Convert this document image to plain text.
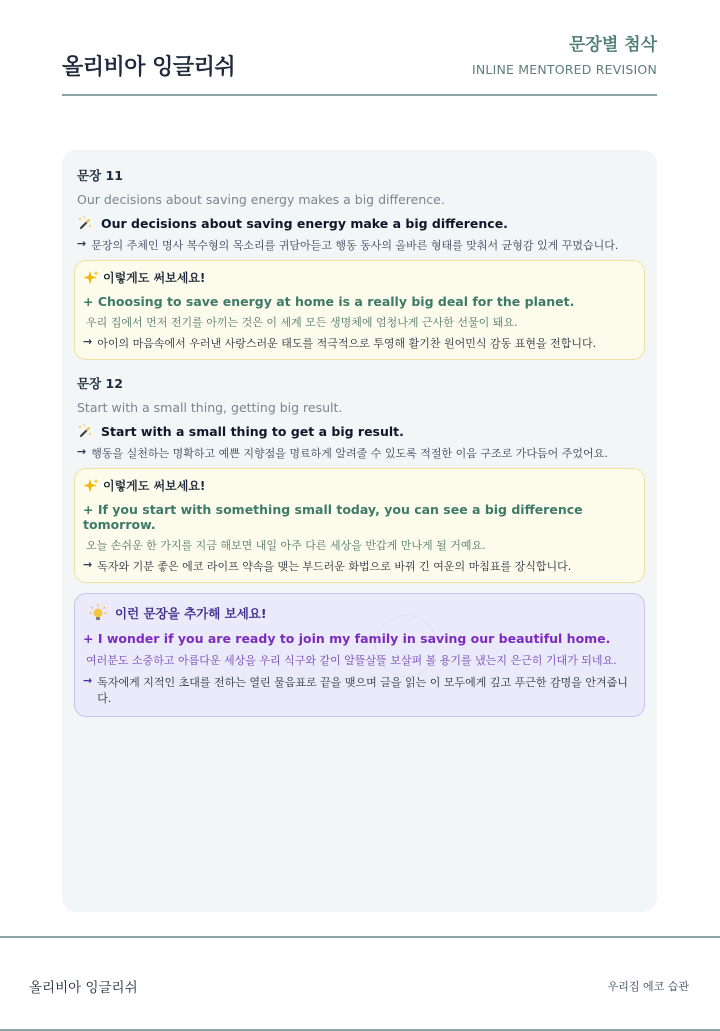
올리비아 잉글리쉬
문장별 첨삭
INLINE MENTORED REVISION
문장 11
Our decisions about saving energy makes a big difference.
Our decisions about saving energy make a big difference.
→ 문장의 주체인 명사 복수형의 목소리를 귀담아듣고 행동 동사의 올바른 형태를 맞춰서 균형감 있게 꾸몄습니다.
이렇게도 써보세요!
+ Choosing to save energy at home is a really big deal for the planet.
우리 집에서 먼저 전기를 아끼는 것은 이 세계 모든 생명체에 엄청나게 근사한 선물이 돼요.
→ 아이의 마음속에서 우러낸 사랑스러운 태도를 적극적으로 투영해 활기찬 원어민식 감동 표현을 전합니다.
문장 12
Start with a small thing, getting big result.
Start with a small thing to get a big result.
→ 행동을 실천하는 명확하고 예쁜 지향점을 명료하게 알려줄 수 있도록 적절한 이음 구조로 가다듬어 주었어요.
이렇게도 써보세요!
+ If you start with something small today, you can see a big difference tomorrow.
오늘 손쉬운 한 가지를 지금 해보면 내일 아주 다른 세상을 반갑게 만나게 될 거예요.
→ 독자와 기분 좋은 에코 라이프 약속을 맺는 부드러운 화법으로 바꿔 긴 여운의 마침표를 장식합니다.
이런 문장을 추가해 보세요!
+ I wonder if you are ready to join my family in saving our beautiful home.
여러분도 소중하고 아름다운 세상을 우리 식구와 같이 알뜰살뜰 보살펴 볼 용기를 냈는지 은근히 기대가 되네요.
→ 독자에게 지적인 초대를 전하는 열린 물음표로 끝을 맺으며 글을 읽는 이 모두에게 깊고 푸근한 감명을 안겨줍니다.
올리비아 잉글리쉬	우리집 에코 습관
